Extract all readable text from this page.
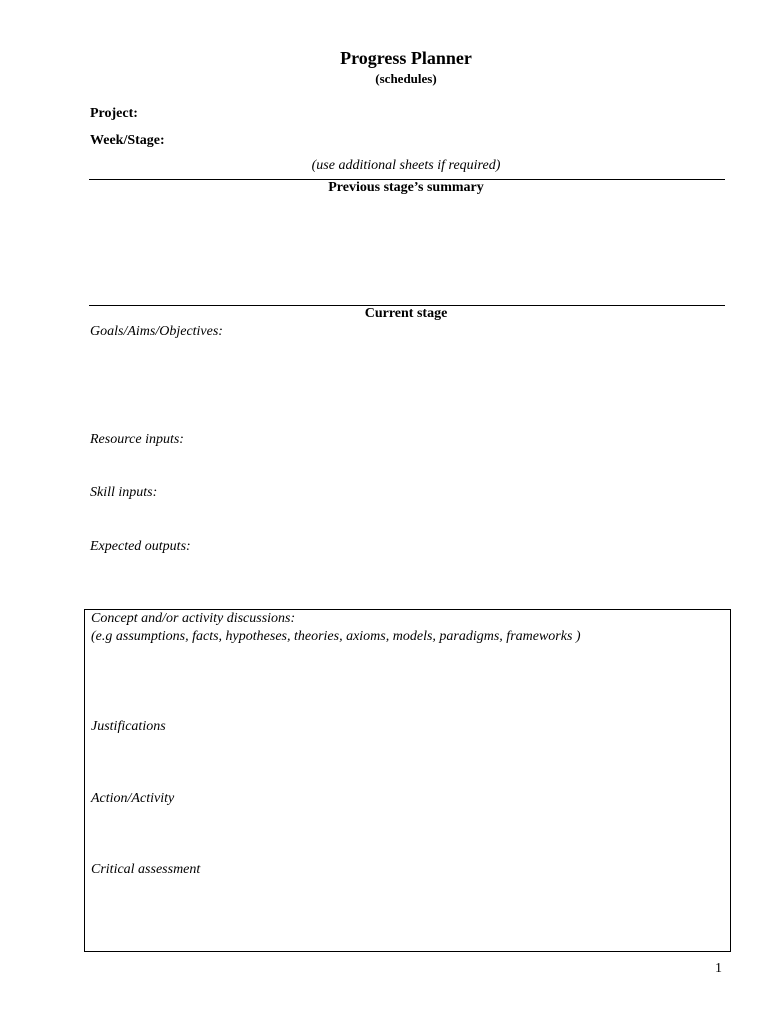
Progress Planner
(schedules)
Project:
Week/Stage:
(use additional sheets if required)
Previous stage’s summary
Current stage
Goals/Aims/Objectives:
Resource inputs:
Skill inputs:
Expected outputs:
Concept and/or activity discussions:
(e.g assumptions, facts, hypotheses, theories, axioms, models, paradigms, frameworks )
Justifications
Action/Activity
Critical assessment
1
